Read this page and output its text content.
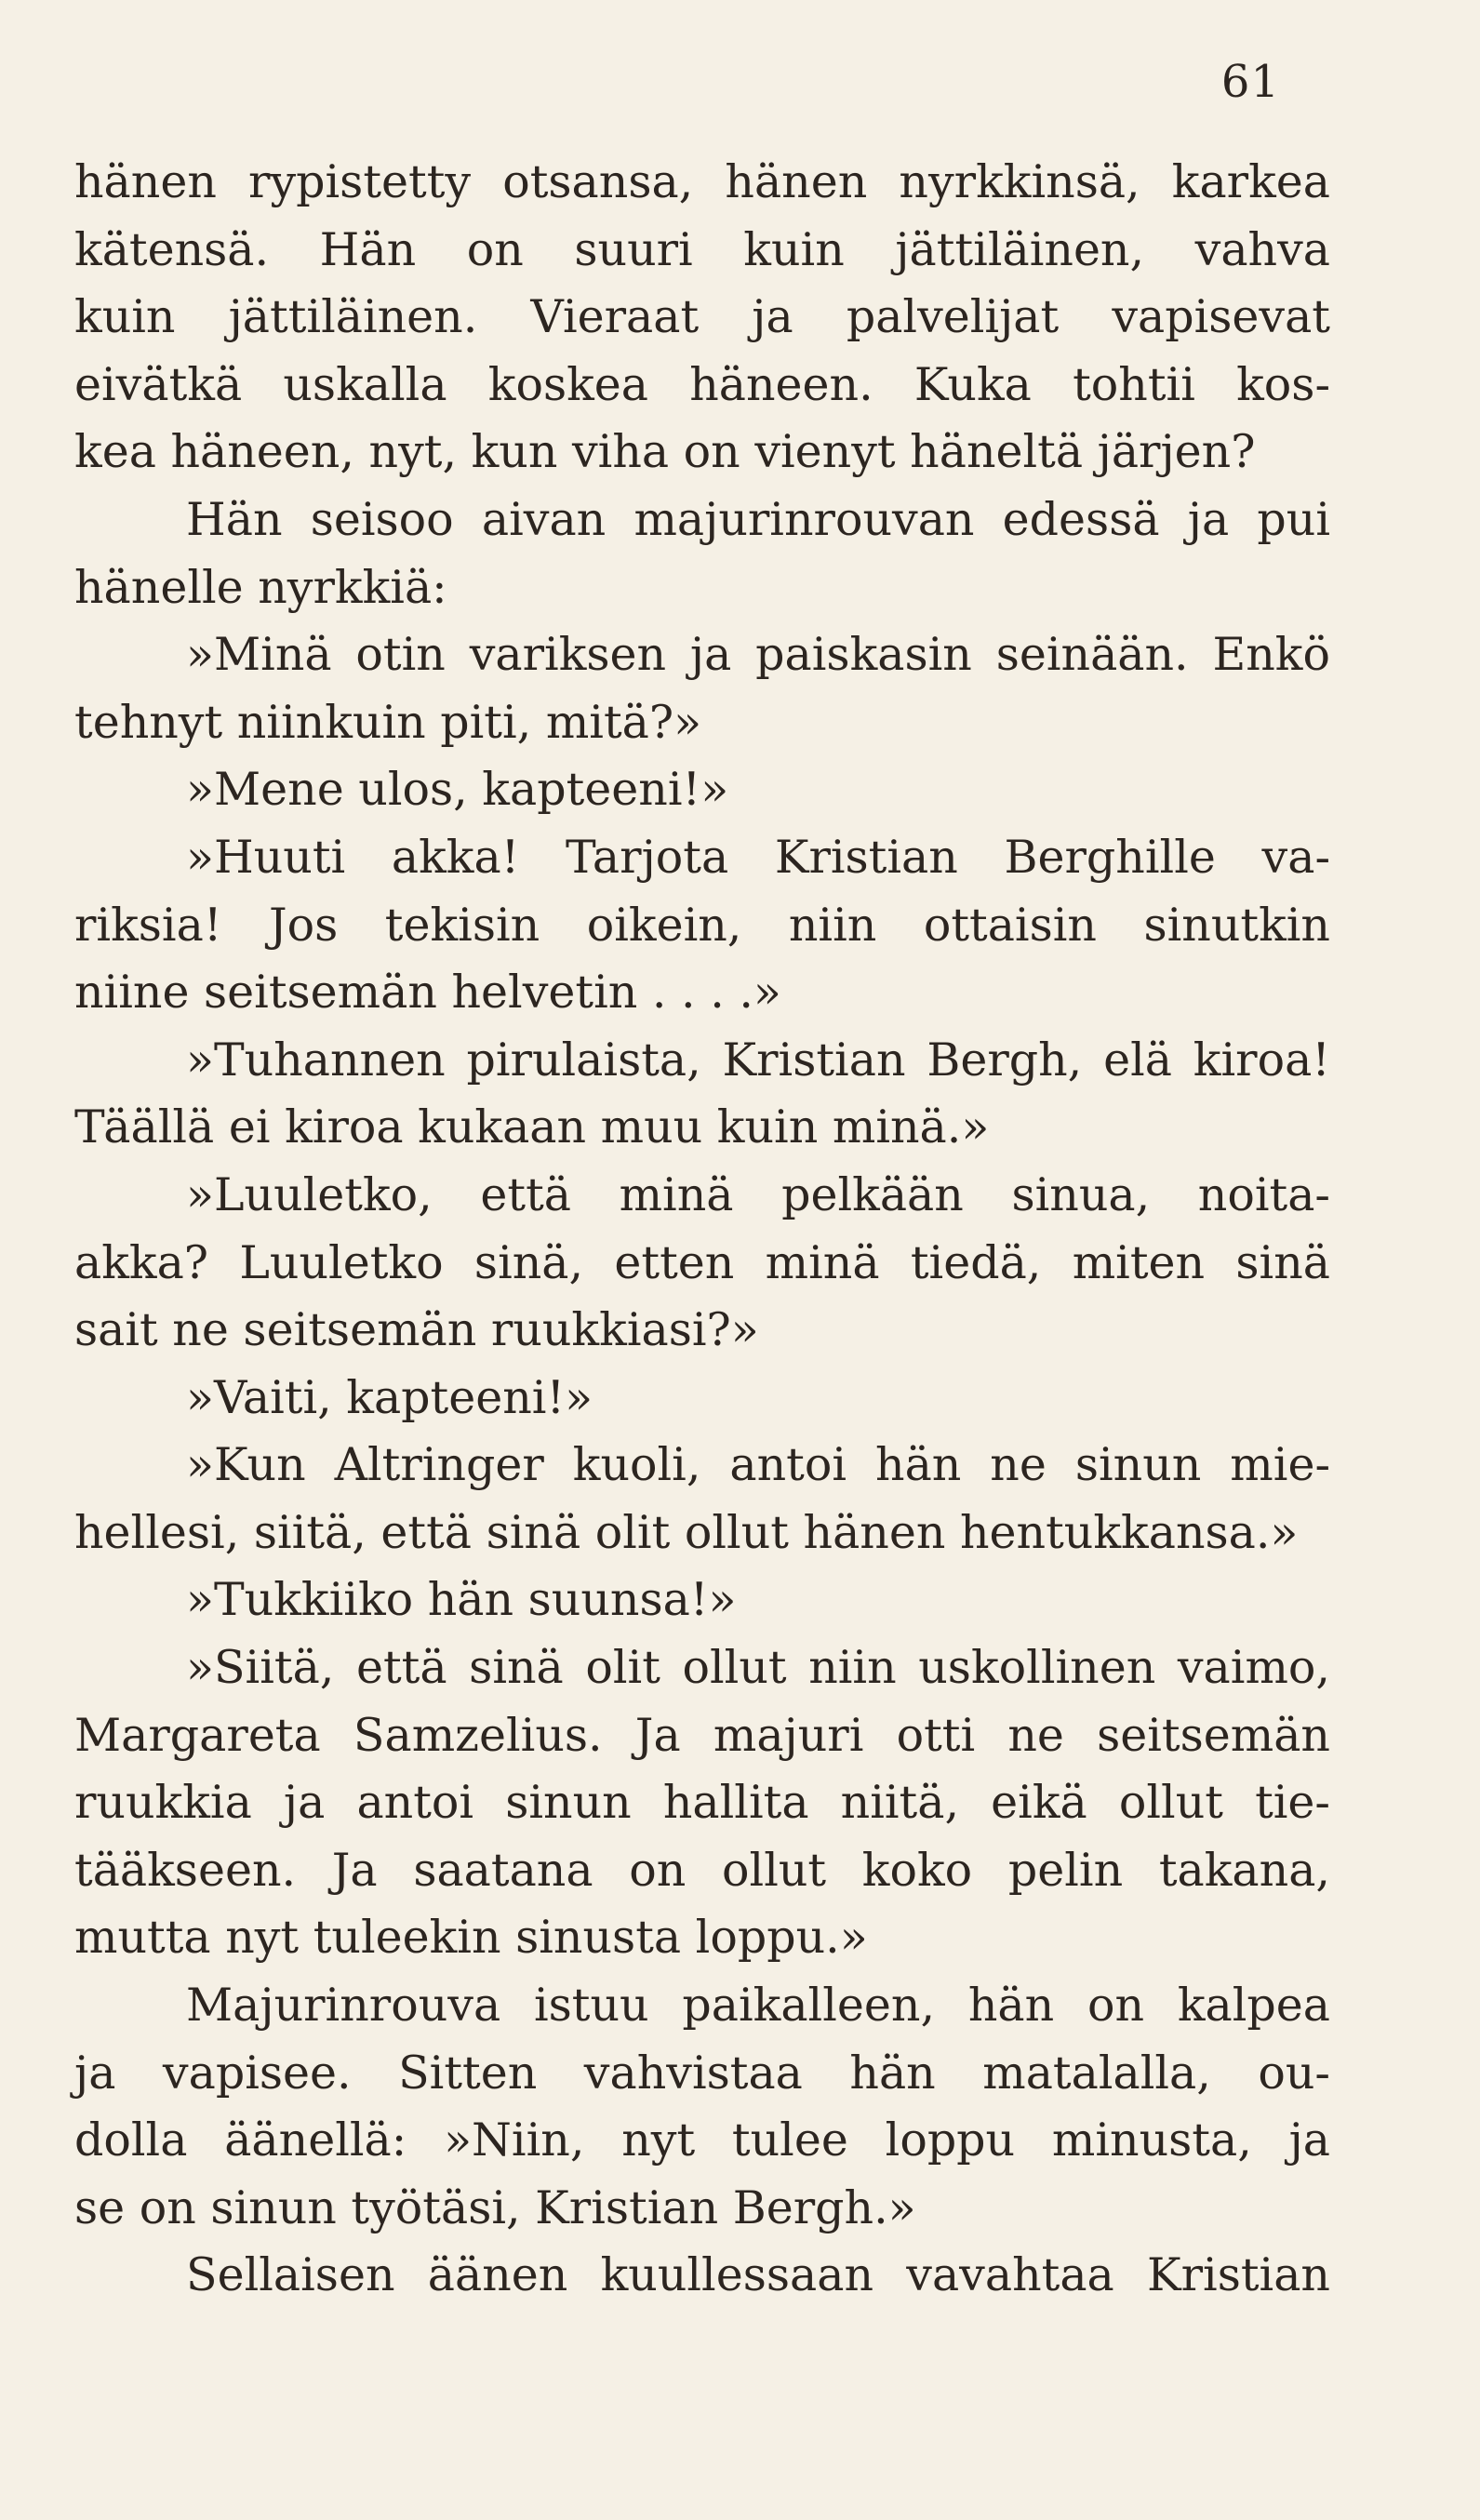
61
hänen rypistetty otsansa, hänen nyrkkinsä, karkea
kätensä. Hän on suuri kuin jättiläinen, vahva
kuin jättiläinen. Vieraat ja palvelijat vapisevat
eivätkä uskalla koskea häneen. Kuka tohtii kos-
kea häneen, nyt, kun viha on vienyt häneltä järjen?
Hän seisoo aivan majurinrouvan edessä ja pui
hänelle nyrkkiä:
»Minä otin variksen ja paiskasin seinään. Enkö
tehnyt niinkuin piti, mitä?»
»Mene ulos, kapteeni!»
»Huuti akka! Tarjota Kristian Berghille va-
riksia! Jos tekisin oikein, niin ottaisin sinutkin
niine seitsemän helvetin . . . .»
»Tuhannen pirulaista, Kristian Bergh, elä kiroa!
Täällä ei kiroa kukaan muu kuin minä.»
»Luuletko, että minä pelkään sinua, noita-
akka? Luuletko sinä, etten minä tiedä, miten sinä
sait ne seitsemän ruukkiasi?»
»Vaiti, kapteeni!»
»Kun Altringer kuoli, antoi hän ne sinun mie-
hellesi, siitä, että sinä olit ollut hänen hentukkansa.»
»Tukkiiko hän suunsa!»
»Siitä, että sinä olit ollut niin uskollinen vaimo,
Margareta Samzelius. Ja majuri otti ne seitsemän
ruukkia ja antoi sinun hallita niitä, eikä ollut tie-
tääkseen. Ja saatana on ollut koko pelin takana,
mutta nyt tuleekin sinusta loppu.»
Majurinrouva istuu paikalleen, hän on kalpea
ja vapisee. Sitten vahvistaa hän matalalla, ou-
dolla äänellä: »Niin, nyt tulee loppu minusta, ja
se on sinun työtäsi, Kristian Bergh.»
Sellaisen äänen kuullessaan vavahtaa Kristian
